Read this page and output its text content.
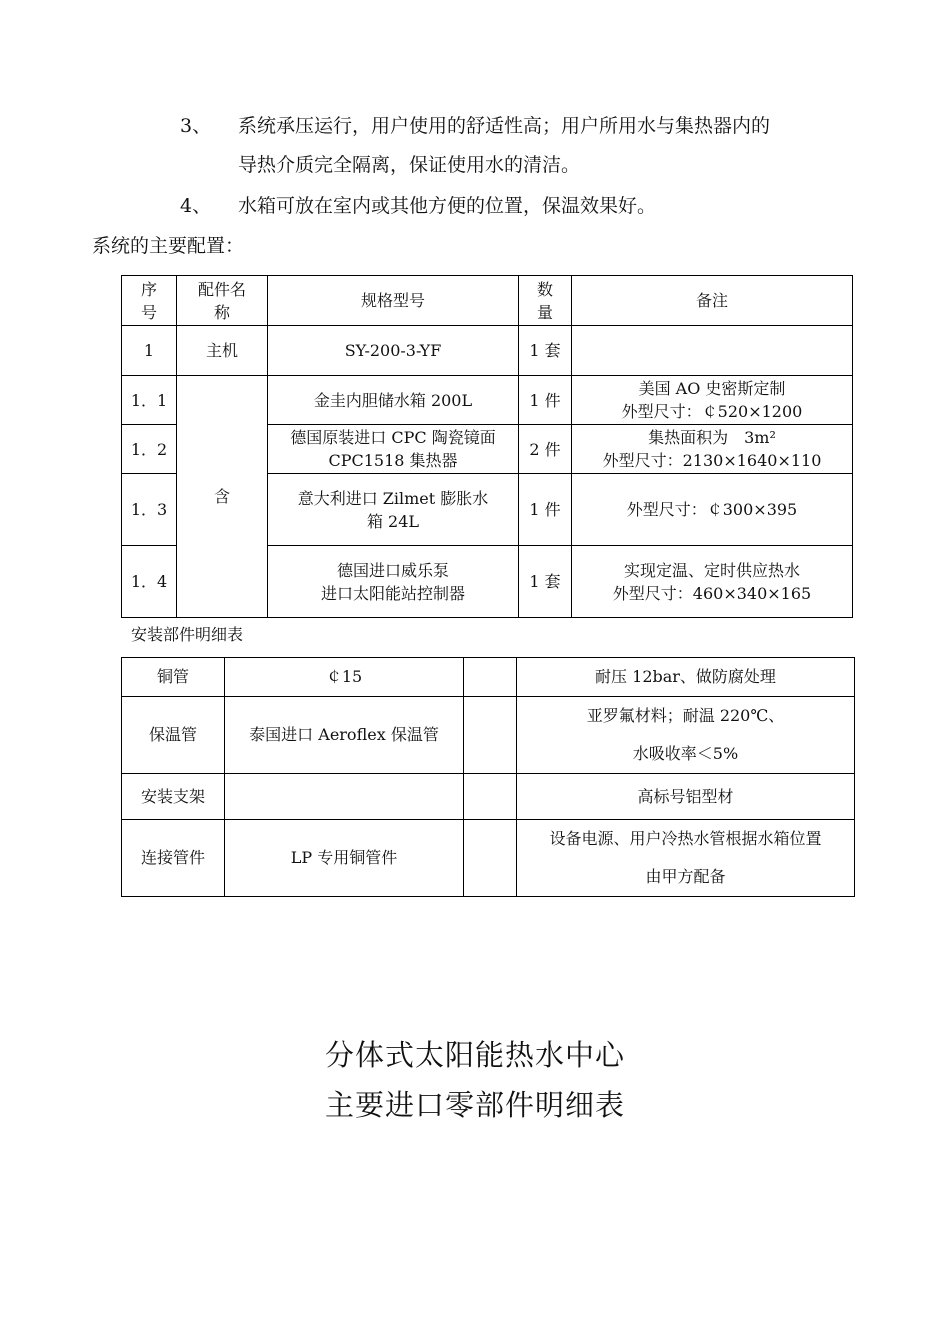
3、 系统承压运行，用户使用的舒适性高；用户所用水与集热器内的
导热介质完全隔离，保证使用水的清洁。
4、 水箱可放在室内或其他方便的位置，保温效果好。
系统的主要配置：
序
号	配件名
称	规格型号	数
量	备注
1	主机	SY-200-3-YF	1 套	
1．1	含	金圭内胆储水箱 200L	1 件	美国 AO 史密斯定制
外型尺寸：￠520×1200
1．2		德国原装进口 CPC 陶瓷镜面
CPC1518 集热器	2 件	集热面积为　3m²
外型尺寸：2130×1640×110
1．3		意大利进口 Zilmet 膨胀水
箱 24L	1 件	外型尺寸：￠300×395
1．4		德国进口威乐泵
进口太阳能站控制器	1 套	实现定温、定时供应热水
外型尺寸：460×340×165
安装部件明细表
铜管	￠15		耐压 12bar、做防腐处理
保温管	泰国进口 Aeroflex 保温管		亚罗氟材料；耐温 220℃、
水吸收率＜5%
安装支架			高标号铝型材
连接管件	LP 专用铜管件		设备电源、用户冷热水管根据水箱位置
由甲方配备
分体式太阳能热水中心
主要进口零部件明细表
